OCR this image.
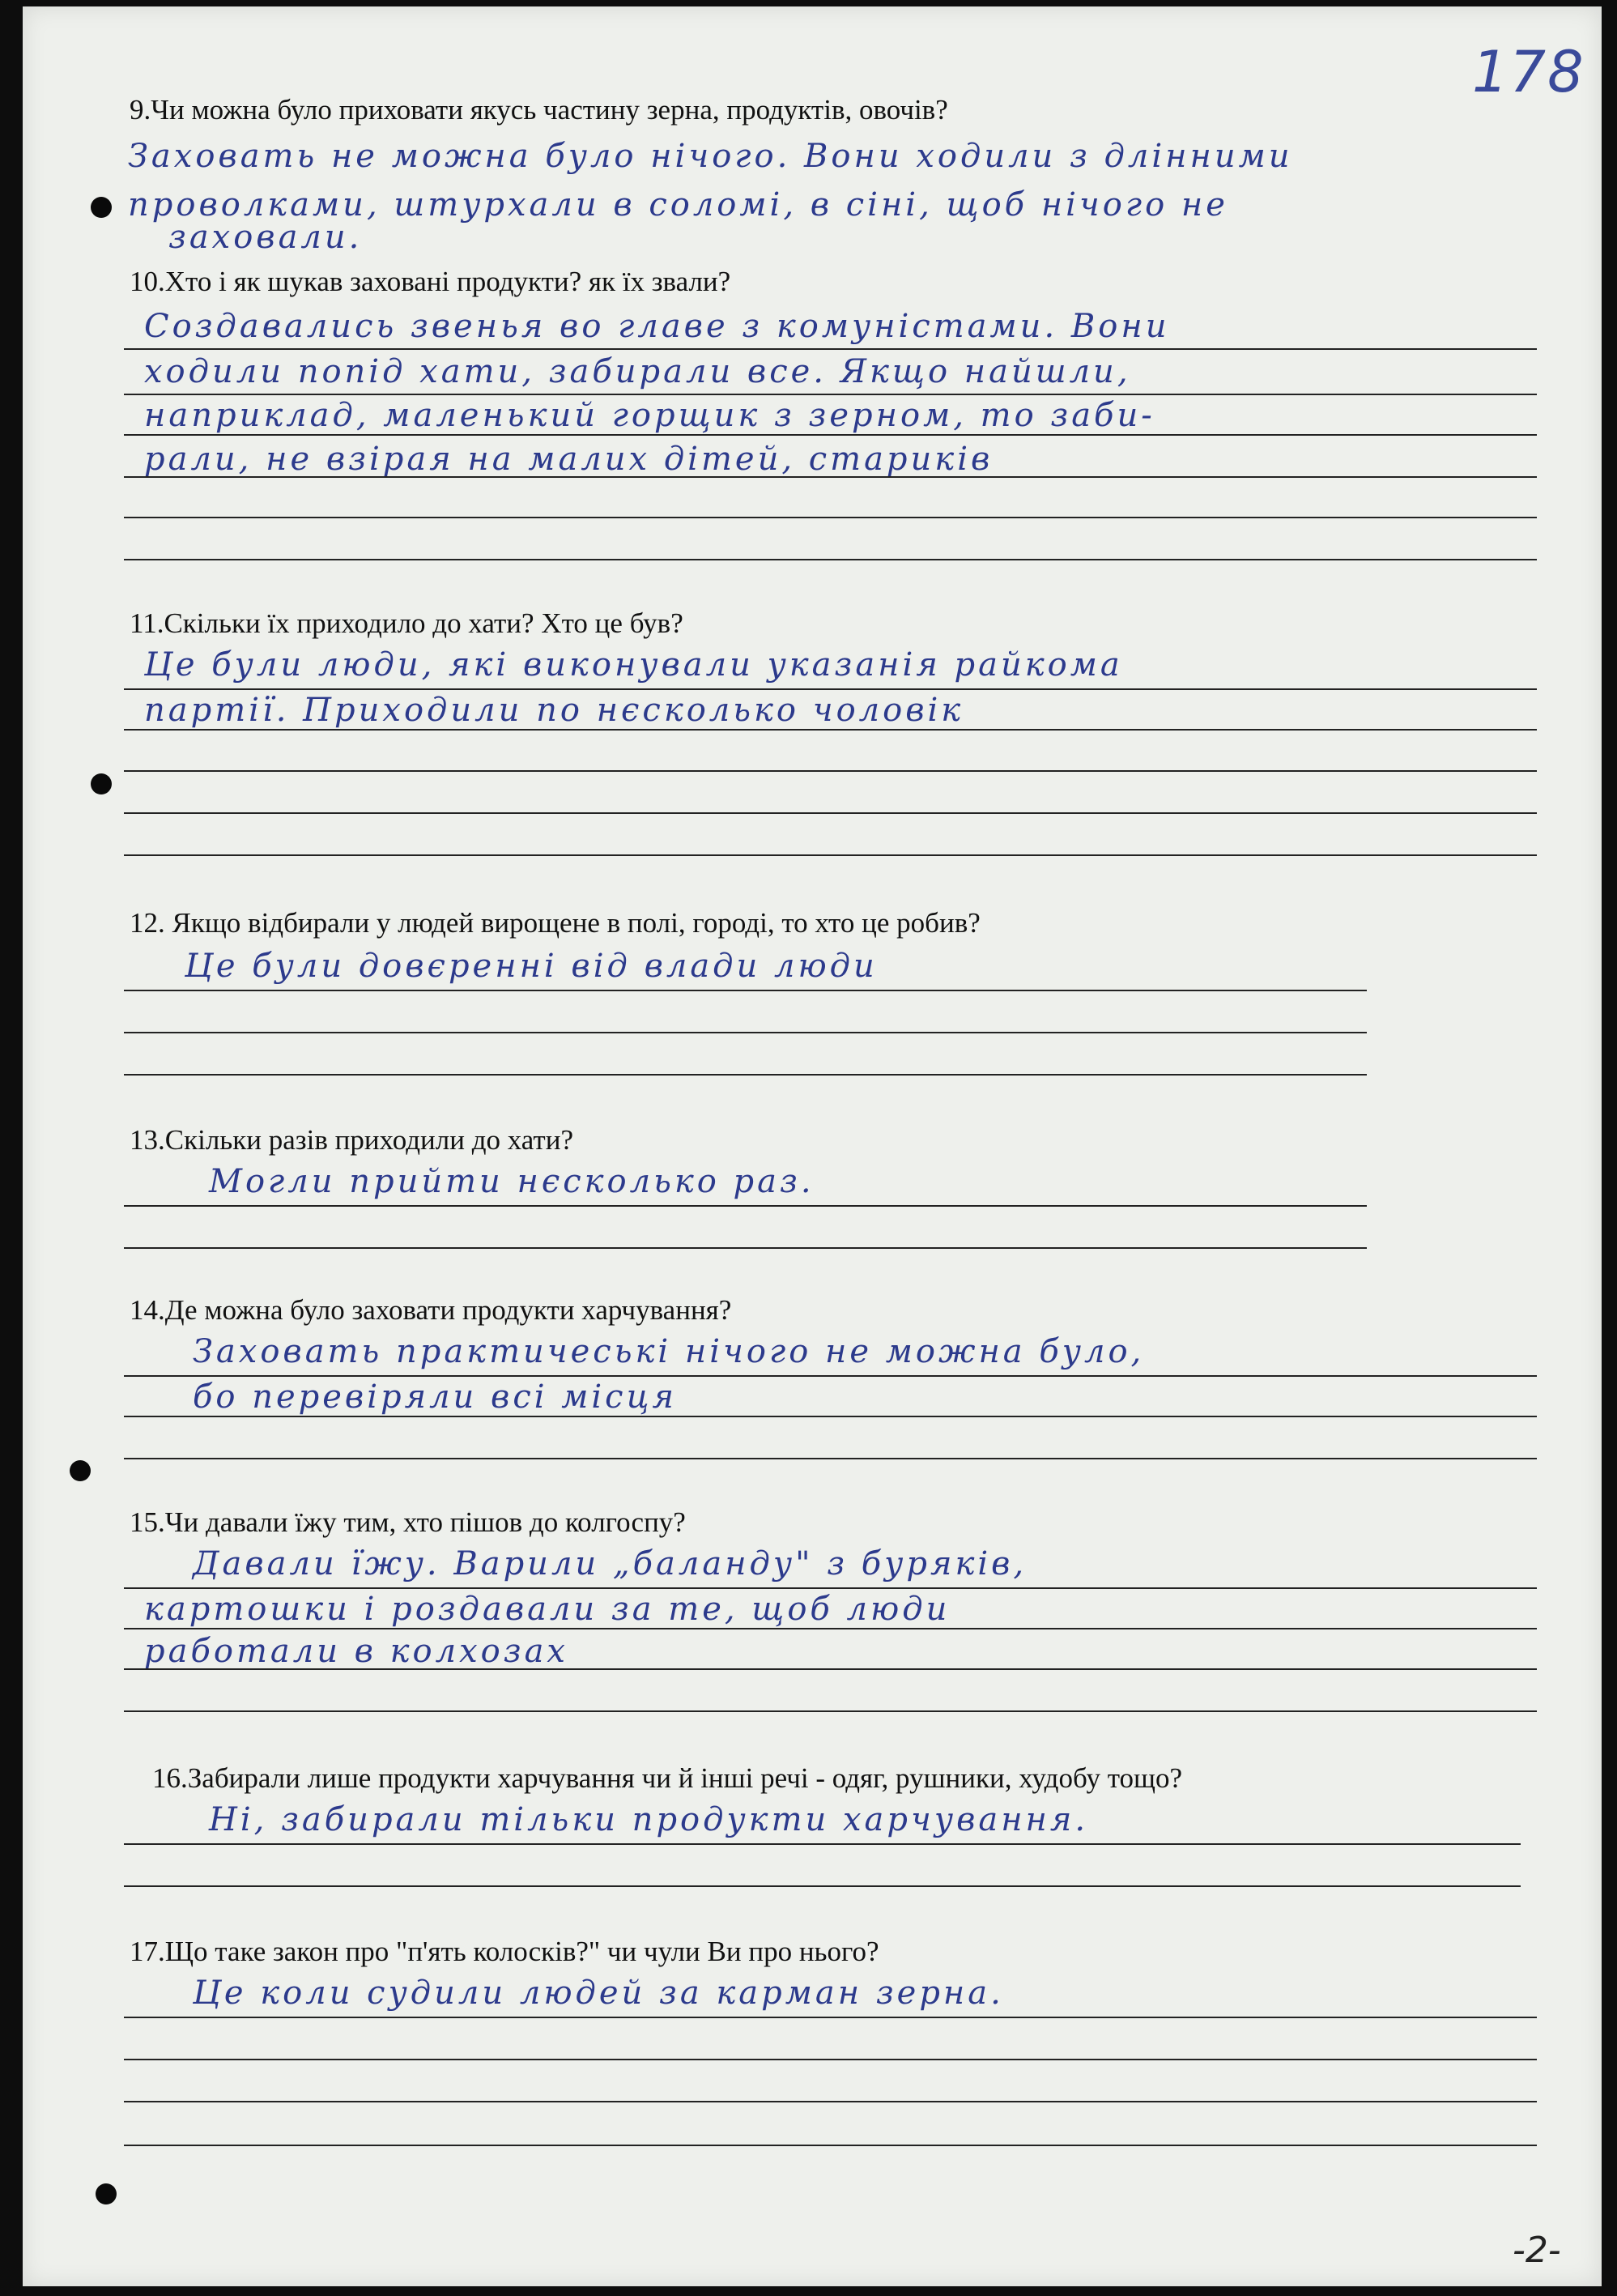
178
9.Чи можна було приховати якусь частину зерна, продуктів, овочів?
Заховать не можна було нічого. Вони ходили з длінними
проволками, штурхали в соломі, в сіні, щоб нічого не
заховали.
10.Хто і як шукав заховані продукти? як їх звали?
Создавались звенья во главе з комуністами. Вони
ходили попід хати, забирали все. Якщо найшли,
наприклад, маленький горщик з зерном, то заби-
рали, не взірая на малих дітей, стариків
11.Скільки їх приходило до хати? Хто це був?
Це були люди, які виконували указанія райкома
партії. Приходили по нєсколько чоловік
12. Якщо відбирали у людей вирощене в полі, городі, то хто це робив?
Це були довєренні від влади люди
13.Скільки разів приходили до хати?
Могли прийти нєсколько раз.
14.Де можна було заховати продукти харчування?
Заховать практичеські нічого не можна було,
бо перевіряли всі місця
15.Чи давали їжу тим, хто пішов до колгоспу?
Давали їжу. Варили „баланду" з буряків,
картошки і роздавали за те, щоб люди
работали в колхозах
16.Забирали лише продукти харчування чи й інші речі - одяг, рушники, худобу тощо?
Ні, забирали тільки продукти харчування.
17.Що таке закон про "п'ять колосків?" чи чули Ви про нього?
Це коли судили людей за карман зерна.
-2-
